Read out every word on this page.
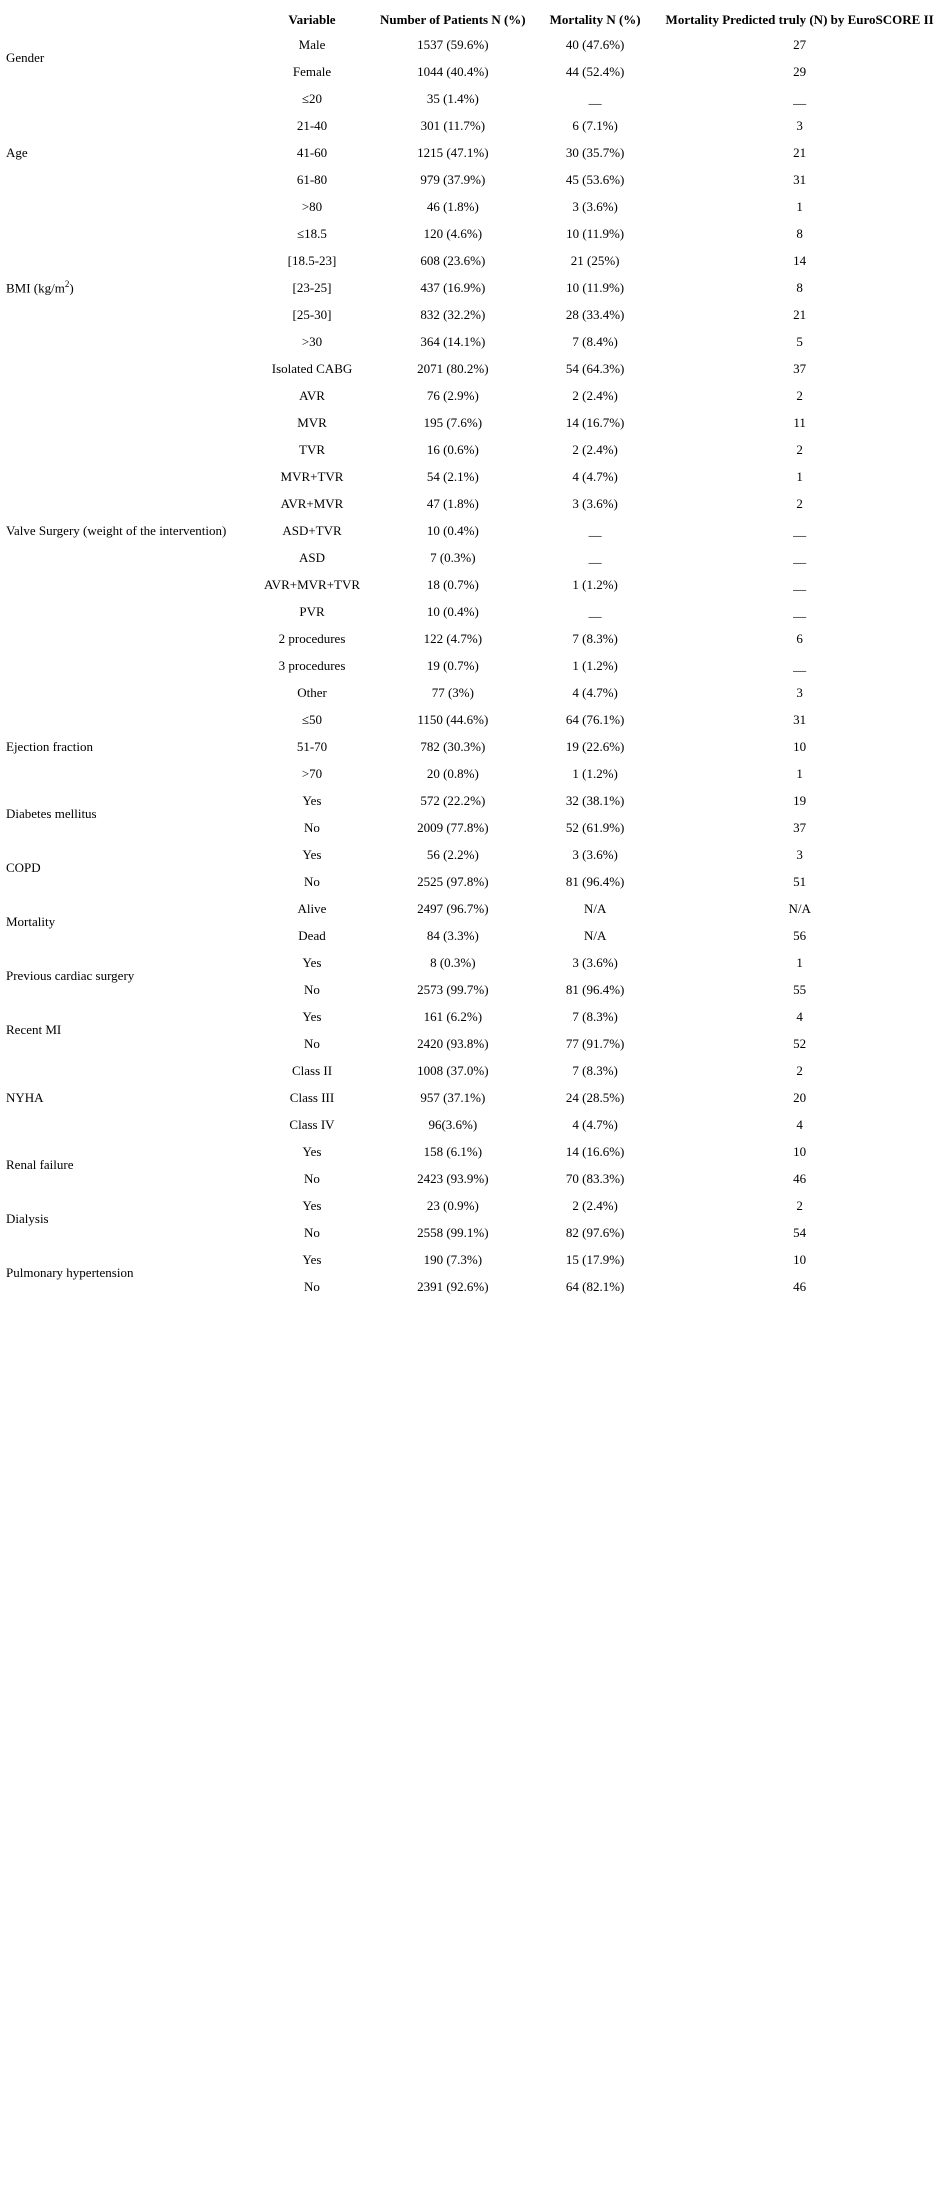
	Variable	Number of Patients N (%)	Mortality N (%)	Mortality Predicted truly (N) by EuroSCORE II
Gender	Male	1537 (59.6%)	40 (47.6%)	27
	Female	1044 (40.4%)	44 (52.4%)	29
Age	≤20	35 (1.4%)	__	__
	21-40	301 (11.7%)	6 (7.1%)	3
	41-60	1215 (47.1%)	30 (35.7%)	21
	61-80	979 (37.9%)	45 (53.6%)	31
	>80	46 (1.8%)	3 (3.6%)	1
BMI $(kg/m^2)$	≤18.5	120 (4.6%)	10 (11.9%)	8
	[18.5-23]	608 (23.6%)	21 (25%)	14
	[23-25]	437 (16.9%)	10 (11.9%)	8
	[25-30]	832 (32.2%)	28 (33.4%)	21
	>30	364 (14.1%)	7 (8.4%)	5
Valve Surgery (weight of the intervention)	Isolated CABG	2071 (80.2%)	54 (64.3%)	37
	AVR	76 (2.9%)	2 (2.4%)	2
	MVR	195 (7.6%)	14 (16.7%)	11
	TVR	16 (0.6%)	2 (2.4%)	2
	MVR+TVR	54 (2.1%)	4 (4.7%)	1
	AVR+MVR	47 (1.8%)	3 (3.6%)	2
	ASD+TVR	10 (0.4%)	__	__
	ASD	7 (0.3%)	__	__
	AVR+MVR+TVR	18 (0.7%)	1 (1.2%)	__
	PVR	10 (0.4%)	__	__
	2 procedures	122 (4.7%)	7 (8.3%)	6
	3 procedures	19 (0.7%)	1 (1.2%)	__
	Other	77 (3%)	4 (4.7%)	3
Ejection fraction	≤50	1150 (44.6%)	64 (76.1%)	31
	51-70	782 (30.3%)	19 (22.6%)	10
	>70	20 (0.8%)	1 (1.2%)	1
Diabetes mellitus	Yes	572 (22.2%)	32 (38.1%)	19
	No	2009 (77.8%)	52 (61.9%)	37
COPD	Yes	56 (2.2%)	3 (3.6%)	3
	No	2525 (97.8%)	81 (96.4%)	51
Mortality	Alive	2497 (96.7%)	N/A	N/A
	Dead	84 (3.3%)	N/A	56
Previous cardiac surgery	Yes	8 (0.3%)	3 (3.6%)	1
	No	2573 (99.7%)	81 (96.4%)	55
Recent MI	Yes	161 (6.2%)	7 (8.3%)	4
	No	2420 (93.8%)	77 (91.7%)	52
NYHA	Class II	1008 (37.0%)	7 (8.3%)	2
	Class III	957 (37.1%)	24 (28.5%)	20
	Class IV	96(3.6%)	4 (4.7%)	4
Renal failure	Yes	158 (6.1%)	14 (16.6%)	10
	No	2423 (93.9%)	70 (83.3%)	46
Dialysis	Yes	23 (0.9%)	2 (2.4%)	2
	No	2558 (99.1%)	82 (97.6%)	54
Pulmonary hypertension	Yes	190 (7.3%)	15 (17.9%)	10
	No	2391 (92.6%)	64 (82.1%)	46
